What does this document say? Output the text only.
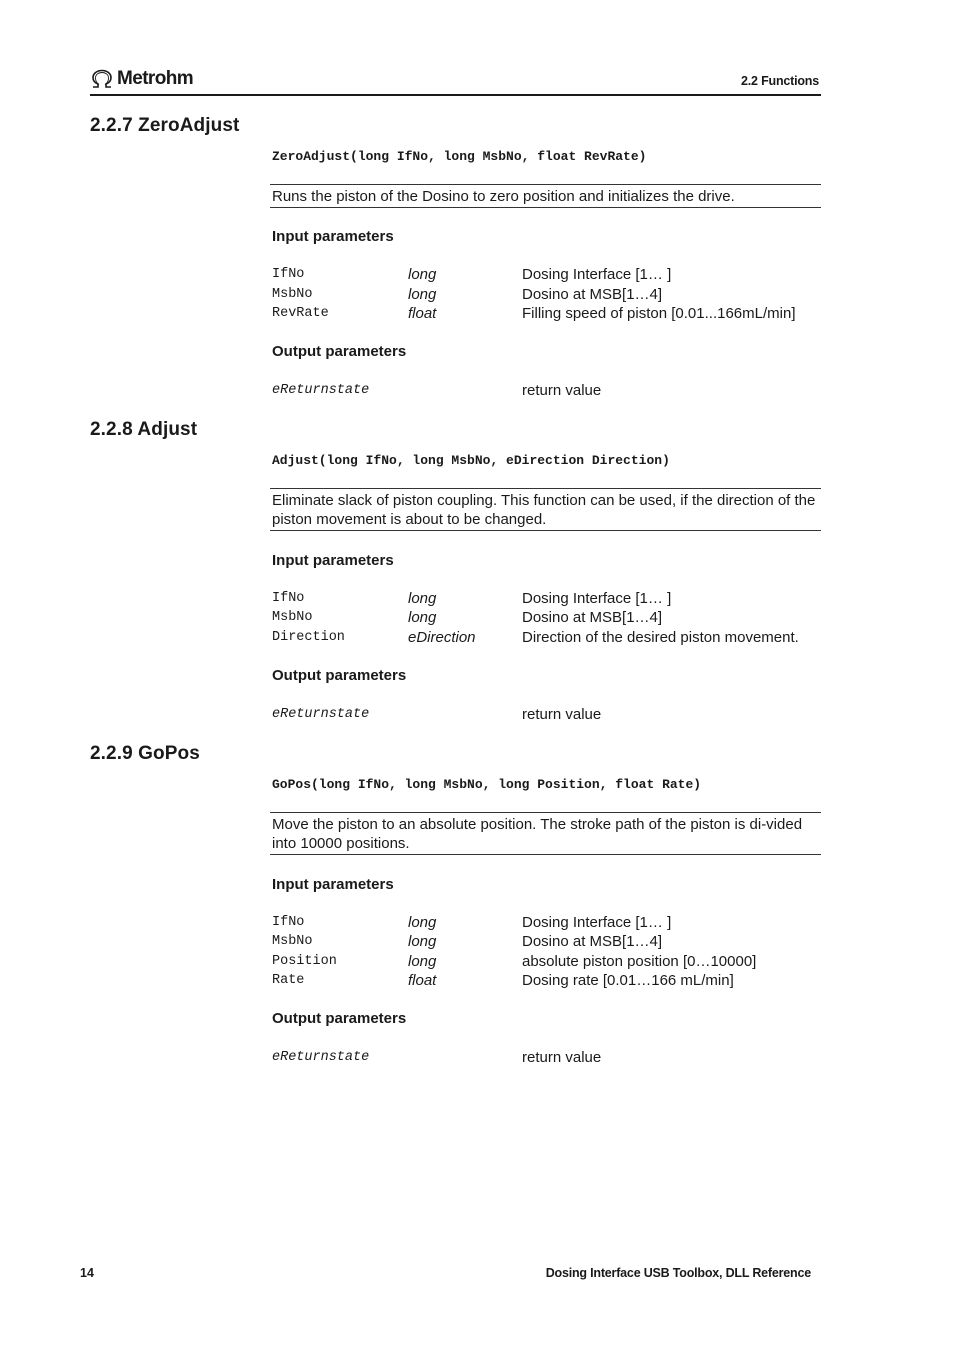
Metrohm	2.2 Functions
2.2.7 ZeroAdjust
ZeroAdjust(long IfNo, long MsbNo, float RevRate)
Runs the piston of the Dosino to zero position and initializes the drive.
Input parameters
IfNo	long	Dosing Interface [1… ]
MsbNo	long	Dosino at MSB[1…4]
RevRate	float	Filling speed of piston [0.01...166mL/min]
Output parameters
eReturnstate	return value
2.2.8 Adjust
Adjust(long IfNo, long MsbNo, eDirection Direction)
Eliminate slack of piston coupling. This function can be used, if the direction of the piston movement is about to be changed.
Input parameters
IfNo	long	Dosing Interface [1… ]
MsbNo	long	Dosino at MSB[1…4]
Direction	eDirection	Direction of the desired piston movement.
Output parameters
eReturnstate	return value
2.2.9 GoPos
GoPos(long IfNo, long MsbNo, long Position, float Rate)
Move the piston to an absolute position. The stroke path of the piston is di-vided into 10000 positions.
Input parameters
IfNo	long	Dosing Interface [1… ]
MsbNo	long	Dosino at MSB[1…4]
Position	long	absolute piston position [0…10000]
Rate	float	Dosing rate [0.01…166 mL/min]
Output parameters
eReturnstate	return value
14	Dosing Interface USB Toolbox, DLL Reference
